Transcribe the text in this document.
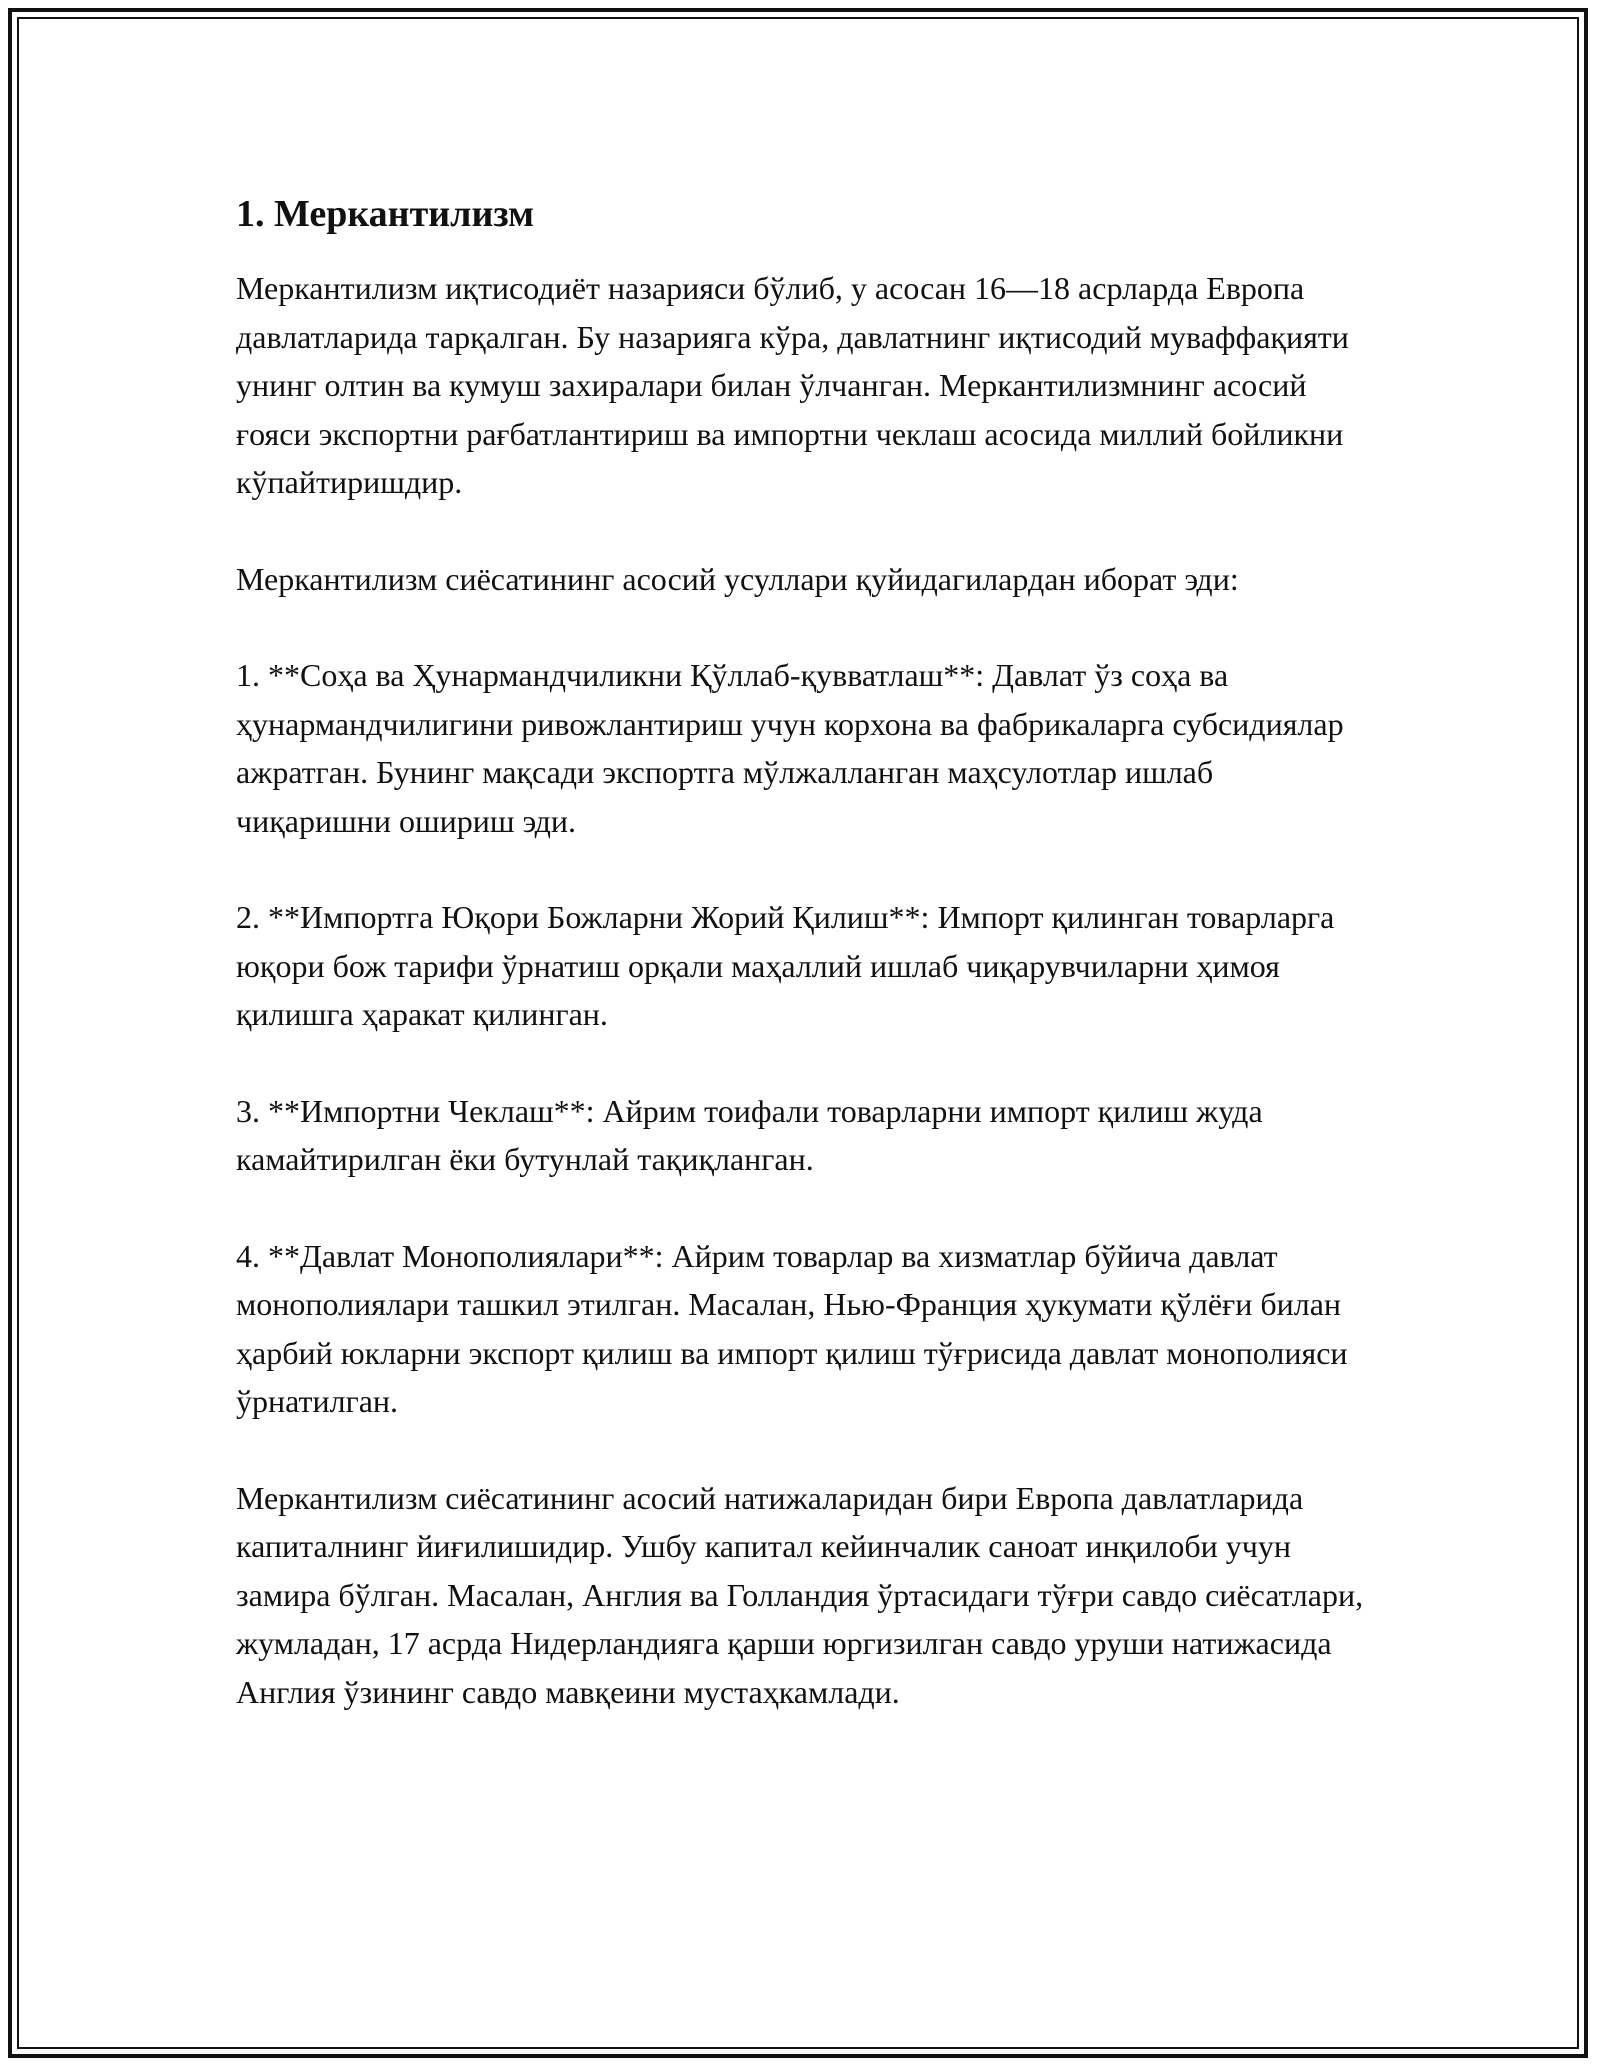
1. Меркантилизм

Меркантилизм иқтисодиёт назарияси бўлиб, у асосан 16—18 асрларда Европа давлатларида тарқалган. Бу назарияга кўра, давлатнинг иқтисодий муваффақияти унинг олтин ва кумуш захиралари билан ўлчанган. Меркантилизмнинг асосий ғояси экспортни рағбатлантириш ва импортни чеклаш асосида миллий бойликни кўпайтиришдир.

Меркантилизм сиёсатининг асосий усуллари қуйидагилардан иборат эди:

1. **Соҳа ва Ҳунармандчиликни Қўллаб-қувватлаш**: Давлат ўз соҳа ва ҳунармандчилигини ривожлантириш учун корхона ва фабрикаларга субсидиялар ажратган. Бунинг мақсади экспортга мўлжалланган маҳсулотлар ишлаб чиқаришни ошириш эди.

2. **Импортга Юқори Божларни Жорий Қилиш**: Импорт қилинган товарларга юқори бож тарифи ўрнатиш орқали маҳаллий ишлаб чиқарувчиларни ҳимоя қилишга ҳаракат қилинган.

3. **Импортни Чеклаш**: Айрим тоифали товарларни импорт қилиш жуда камайтирилган ёки бутунлай тақиқланган.

4. **Давлат Монополиялари**: Айрим товарлар ва хизматлар бўйича давлат монополиялари ташкил этилган. Масалан, Нью-Франция ҳукумати қўлёғи билан ҳарбий юкларни экспорт қилиш ва импорт қилиш тўғрисида давлат монополияси ўрнатилган.

Меркантилизм сиёсатининг асосий натижаларидан бири Европа давлатларида капиталнинг йиғилишидир. Ушбу капитал кейинчалик саноат инқилоби учун замира бўлган. Масалан, Англия ва Голландия ўртасидаги тўғри савдо сиёсатлари, жумладан, 17 асрда Нидерландияга қарши юргизилган савдо уруши натижасида Англия ўзининг савдо мавқеини мустаҳкамлади.
